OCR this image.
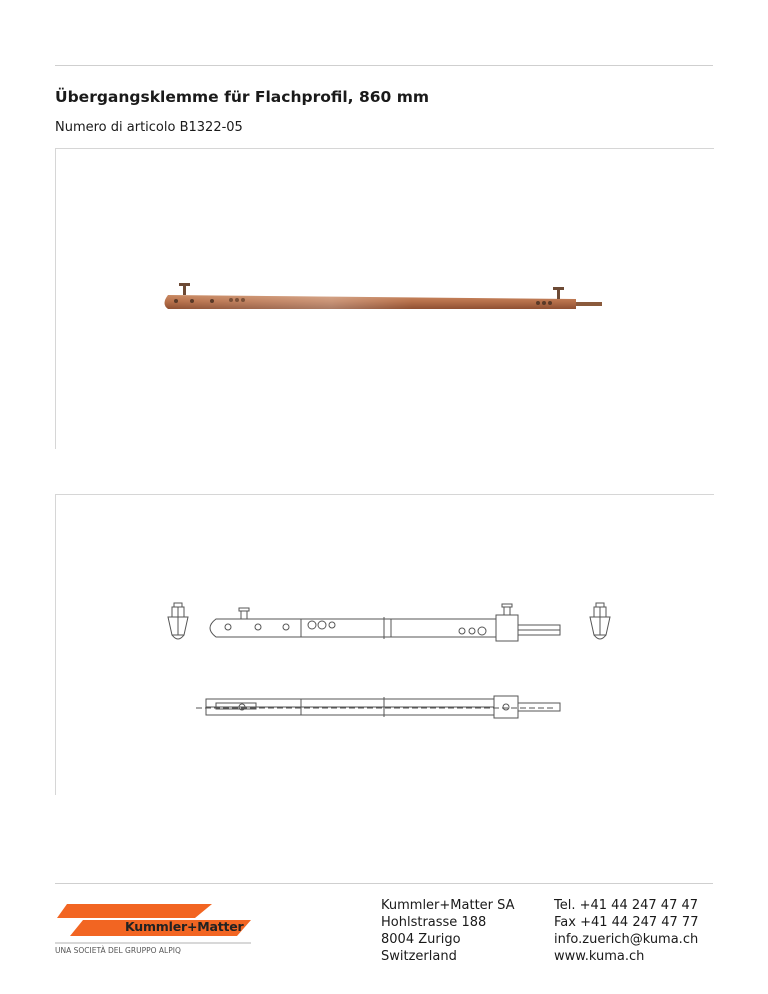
Übergangsklemme für Flachprofil, 860 mm
Numero di articolo B1322-05
Kummler+Matter
UNA SOCIETÀ DEL GRUPPO ALPIQ
Kummler+Matter SA
Hohlstrasse 188
8004 Zurigo
Switzerland
Tel. +41 44 247 47 47
Fax +41 44 247 47 77
info.zuerich@kuma.ch
www.kuma.ch
